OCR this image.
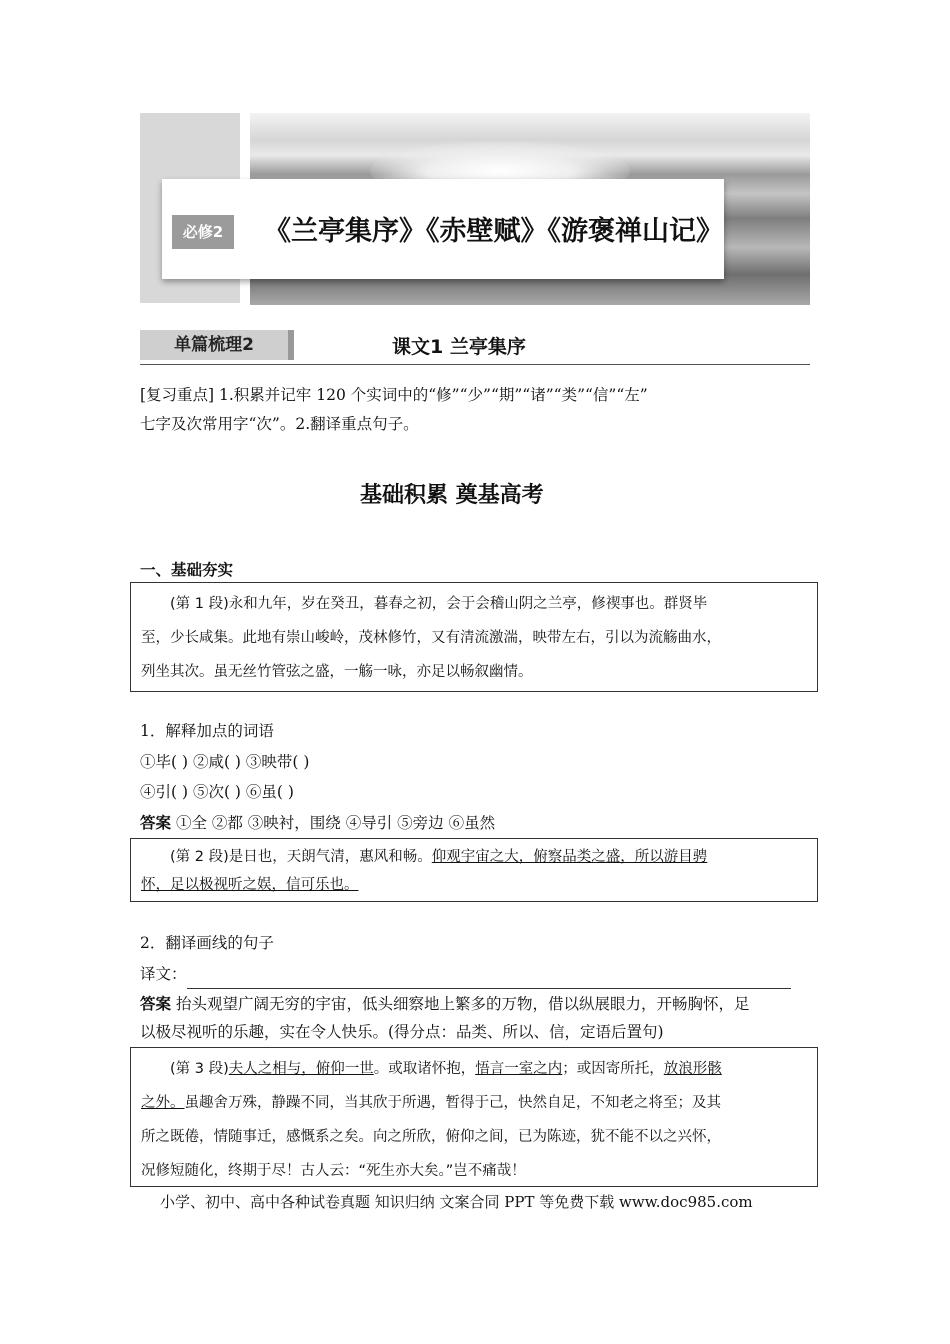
必修2	《兰亭集序》《赤壁赋》《游褒禅山记》
单篇梳理2	课文1 兰亭集序
[复习重点] 1.积累并记牢 120 个实词中的“修”“少”“期”“诸”“类”“信”“左”
七字及次常用字“次”。2.翻译重点句子。
基础积累 奠基高考
一、基础夯实

(第 1 段)永和九年，岁在癸丑，暮春之初，会于会稽山阴之兰亭，修禊事也。群贤毕

至，少长咸集。此地有崇山峻岭，茂林修竹，又有清流激湍，映带左右，引以为流觞曲水，
列坐其次。虽无丝竹管弦之盛，一觞一咏，亦足以畅叙幽情。
1．解释加点的词语
①毕( ) ②咸( ) ③映带( )
④引( ) ⑤次( ) ⑥虽( )
答案 ①全 ②都 ③映衬，围绕 ④导引 ⑤旁边 ⑥虽然

(第 2 段)是日也，天朗气清，惠风和畅。仰观宇宙之大，俯察品类之盛，所以游目骋

怀，足以极视听之娱，信可乐也。
2．翻译画线的句子
译文：
答案 抬头观望广阔无穷的宇宙，低头细察地上繁多的万物，借以纵展眼力，开畅胸怀，足
以极尽视听的乐趣，实在令人快乐。(得分点：品类、所以、信，定语后置句)

(第 3 段)夫人之相与，俯仰一世。或取诸怀抱，悟言一室之内；或因寄所托，放浪形骸

之外。虽趣舍万殊，静躁不同，当其欣于所遇，暂得于己，快然自足，不知老之将至；及其
所之既倦，情随事迁，感慨系之矣。向之所欣，俯仰之间，已为陈迹，犹不能不以之兴怀，
况修短随化，终期于尽！古人云：“死生亦大矣。”岂不痛哉！
小学、初中、高中各种试卷真题 知识归纳 文案合同 PPT 等免费下载 www.doc985.com
